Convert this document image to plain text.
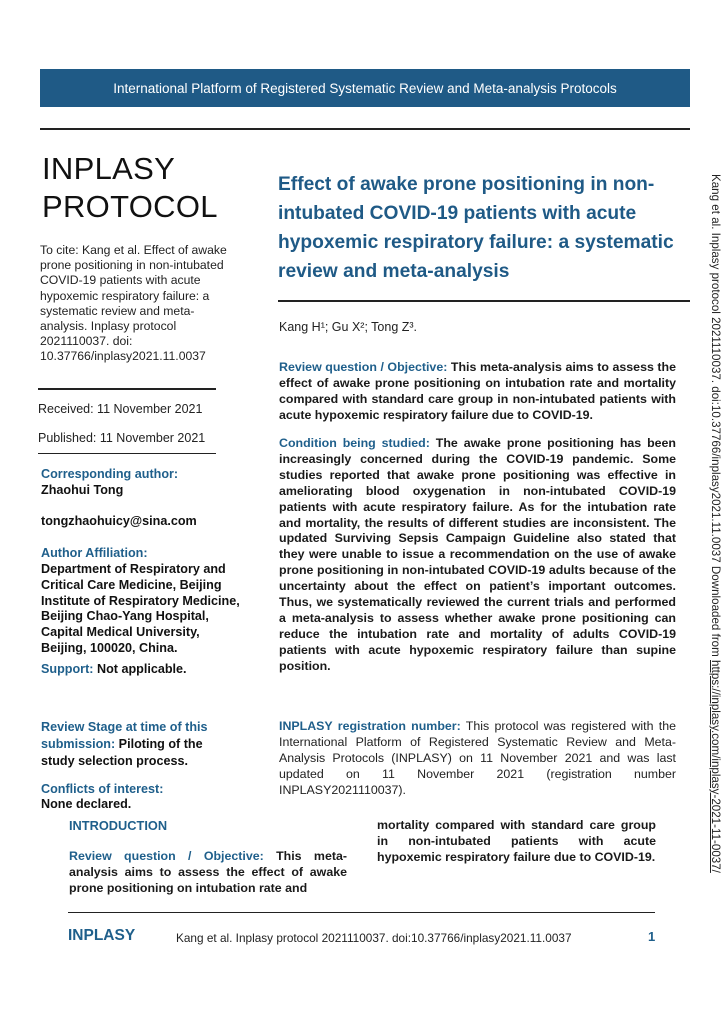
International Platform of Registered Systematic Review and Meta-analysis Protocols
INPLASY
PROTOCOL
To cite: Kang et al. Effect of awake prone positioning in non-intubated COVID-19 patients with acute hypoxemic respiratory failure: a systematic review and meta-analysis. Inplasy protocol 2021110037. doi: 10.37766/inplasy2021.11.0037
Received: 11 November 2021
Published: 11 November 2021
Corresponding author:
Zhaohui Tong
tongzhaohuicy@sina.com
Author Affiliation:
Department of Respiratory and Critical Care Medicine, Beijing Institute of Respiratory Medicine, Beijing Chao-Yang Hospital, Capital Medical University, Beijing, 100020, China.
Support: Not applicable.
Review Stage at time of this submission: Piloting of the study selection process.
Conflicts of interest:
None declared.
Effect of awake prone positioning in non-intubated COVID-19 patients with acute hypoxemic respiratory failure: a systematic review and meta-analysis
Kang H¹; Gu X²; Tong Z³.
Review question / Objective: This meta-analysis aims to assess the effect of awake prone positioning on intubation rate and mortality compared with standard care group in non-intubated patients with acute hypoxemic respiratory failure due to COVID-19.
Condition being studied: The awake prone positioning has been increasingly concerned during the COVID-19 pandemic. Some studies reported that awake prone positioning was effective in ameliorating blood oxygenation in non-intubated COVID-19 patients with acute respiratory failure. As for the intubation rate and mortality, the results of different studies are inconsistent. The updated Surviving Sepsis Campaign Guideline also stated that they were unable to issue a recommendation on the use of awake prone positioning in non-intubated COVID-19 adults because of the uncertainty about the effect on patient’s important outcomes. Thus, we systematically reviewed the current trials and performed a meta-analysis to assess whether awake prone positioning can reduce the intubation rate and mortality of adults COVID-19 patients with acute hypoxemic respiratory failure than supine position.
INPLASY registration number: This protocol was registered with the International Platform of Registered Systematic Review and Meta-Analysis Protocols (INPLASY) on 11 November 2021 and was last updated on 11 November 2021 (registration number INPLASY2021110037).
Kang et al. Inplasy protocol 2021110037. doi:10.37766/inplasy2021.11.0037 Downloaded from https://inplasy.com/inplasy-2021-11-0037/
INTRODUCTION
Review question / Objective: This meta-analysis aims to assess the effect of awake prone positioning on intubation rate and
mortality compared with standard care group in non-intubated patients with acute hypoxemic respiratory failure due to COVID-19.
INPLASY	Kang et al. Inplasy protocol 2021110037. doi:10.37766/inplasy2021.11.0037	1
